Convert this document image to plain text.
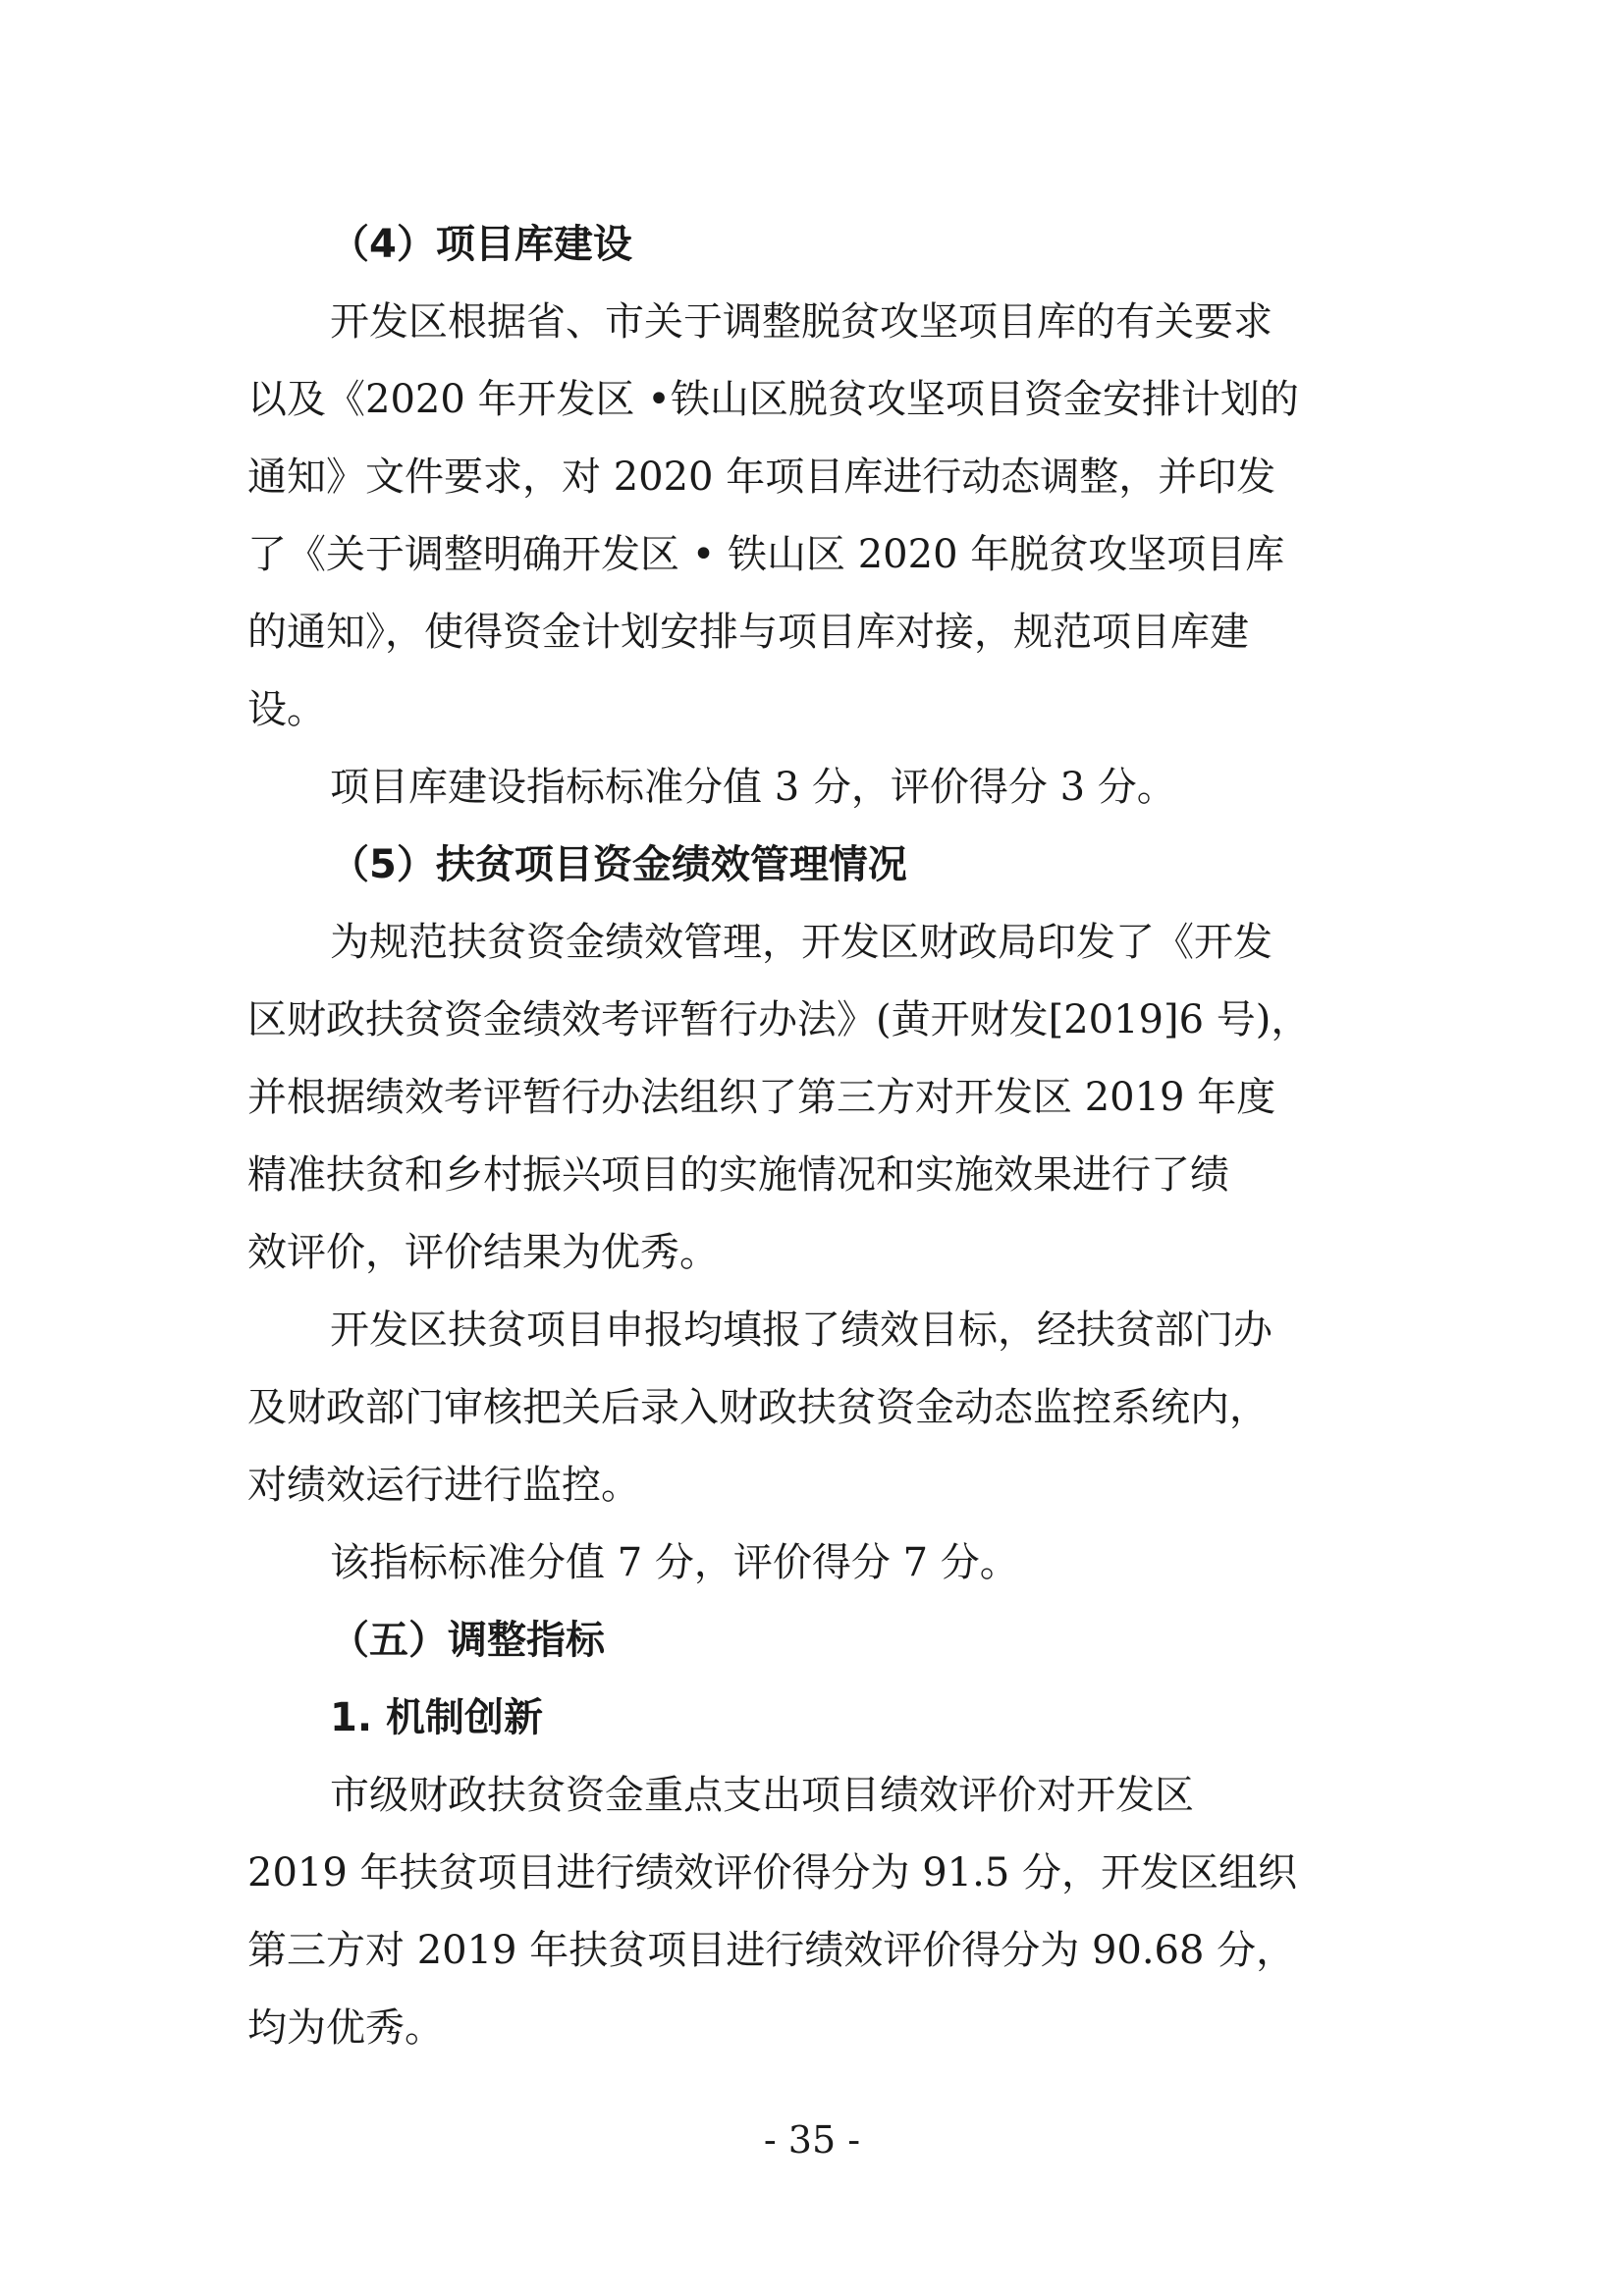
（4）项目库建设
开发区根据省、市关于调整脱贫攻坚项目库的有关要求
以及《2020 年开发区 •铁山区脱贫攻坚项目资金安排计划的
通知》文件要求，对 2020 年项目库进行动态调整，并印发
了《关于调整明确开发区 • 铁山区 2020 年脱贫攻坚项目库
的通知》，使得资金计划安排与项目库对接，规范项目库建
设。
项目库建设指标标准分值 3 分，评价得分 3 分。
（5）扶贫项目资金绩效管理情况
为规范扶贫资金绩效管理，开发区财政局印发了《开发
区财政扶贫资金绩效考评暂行办法》(黄开财发[2019]6 号)，
并根据绩效考评暂行办法组织了第三方对开发区 2019 年度
精准扶贫和乡村振兴项目的实施情况和实施效果进行了绩
效评价，评价结果为优秀。
开发区扶贫项目申报均填报了绩效目标，经扶贫部门办
及财政部门审核把关后录入财政扶贫资金动态监控系统内，
对绩效运行进行监控。
该指标标准分值 7 分，评价得分 7 分。
（五）调整指标
1. 机制创新
市级财政扶贫资金重点支出项目绩效评价对开发区
2019 年扶贫项目进行绩效评价得分为 91.5 分，开发区组织
第三方对 2019 年扶贫项目进行绩效评价得分为 90.68 分，
均为优秀。
- 35 -
